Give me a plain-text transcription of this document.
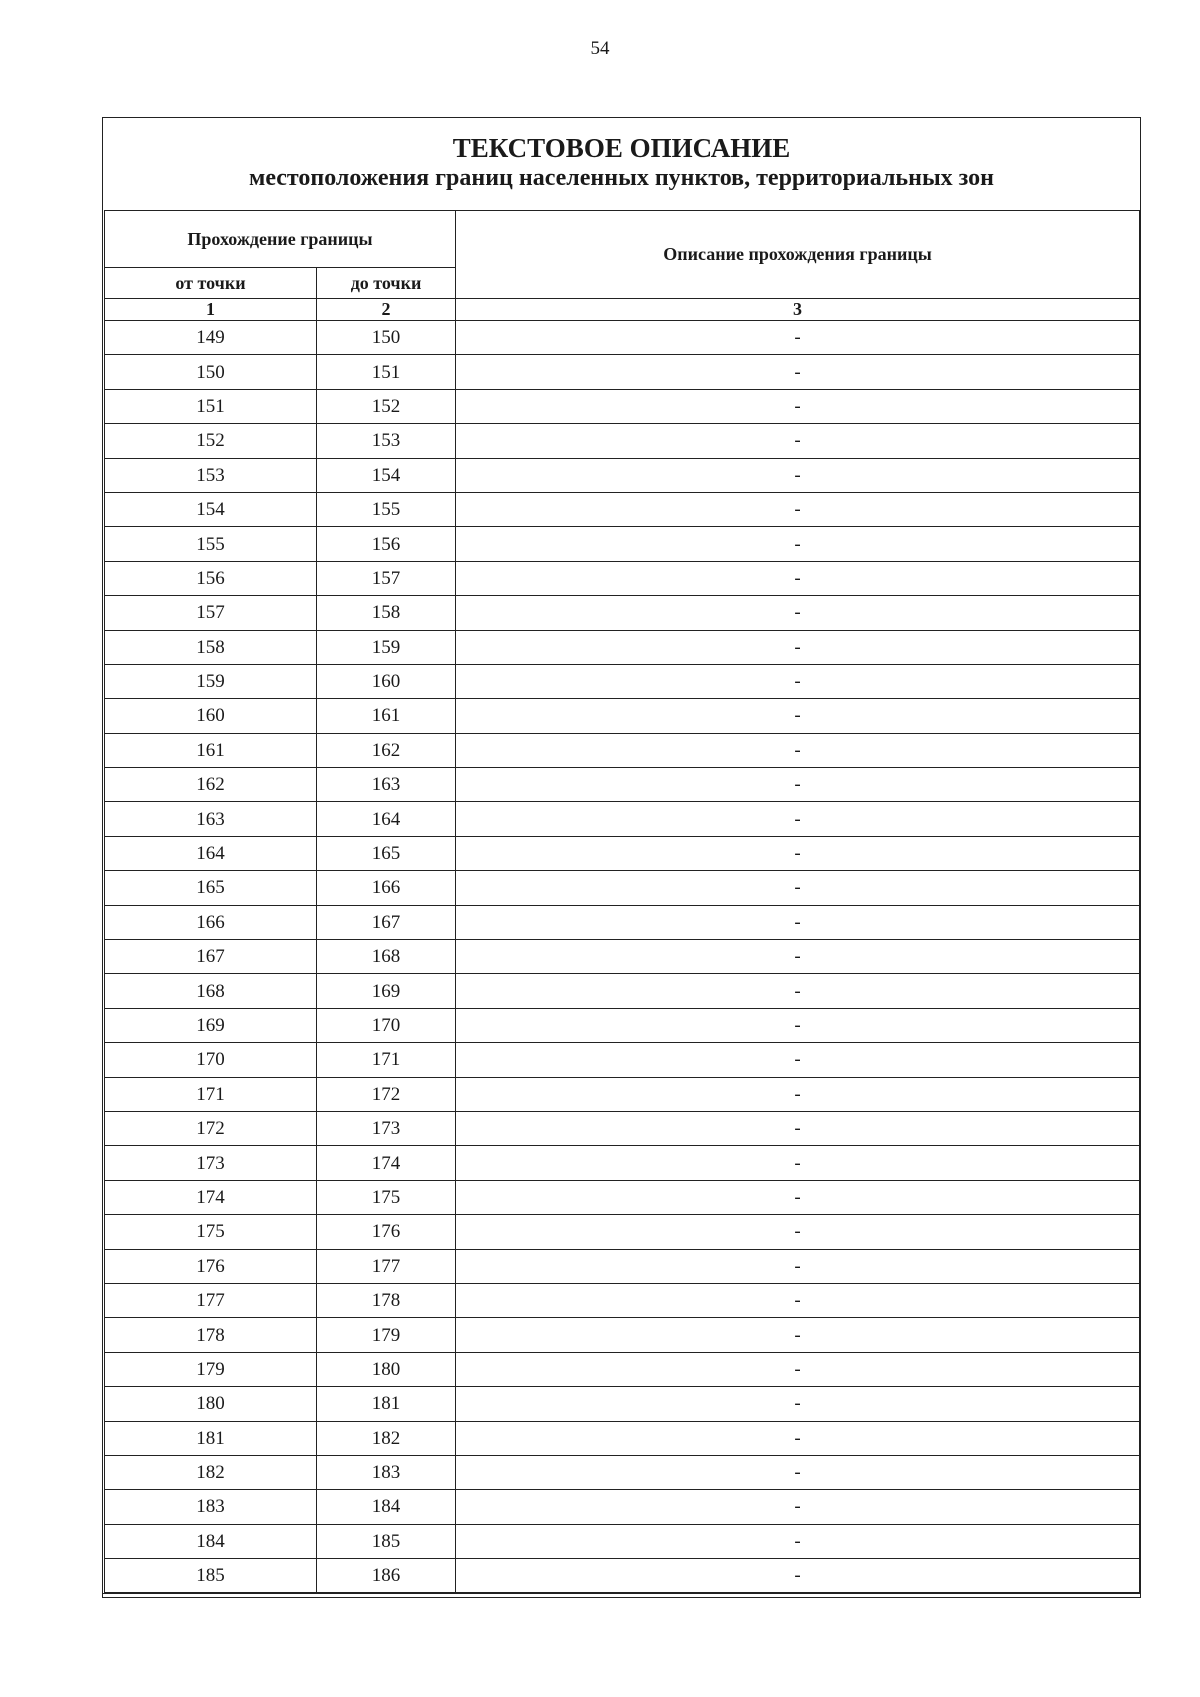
54
ТЕКСТОВОЕ ОПИСАНИЕ
местоположения границ населенных пунктов, территориальных зон
Прохождение границы		Описание прохождения границы
от точки	до точки	
1	2	3
149	150	-
150	151	-
151	152	-
152	153	-
153	154	-
154	155	-
155	156	-
156	157	-
157	158	-
158	159	-
159	160	-
160	161	-
161	162	-
162	163	-
163	164	-
164	165	-
165	166	-
166	167	-
167	168	-
168	169	-
169	170	-
170	171	-
171	172	-
172	173	-
173	174	-
174	175	-
175	176	-
176	177	-
177	178	-
178	179	-
179	180	-
180	181	-
181	182	-
182	183	-
183	184	-
184	185	-
185	186	-
